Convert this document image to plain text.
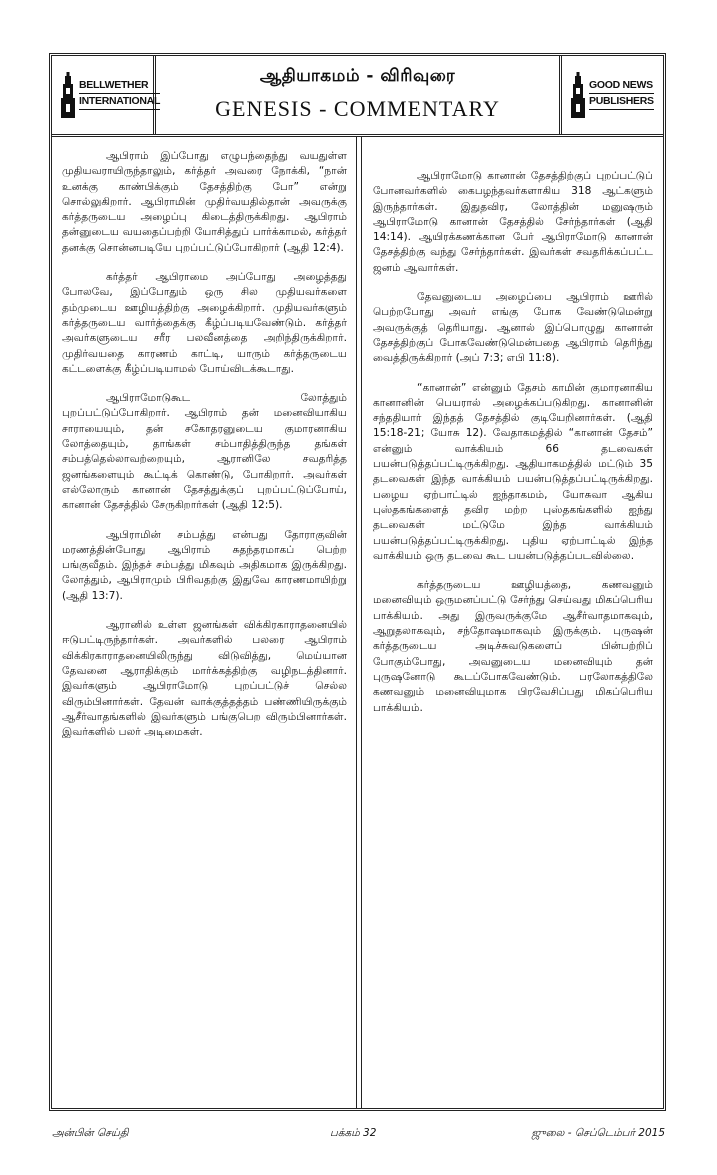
BELLWETHER
INTERNATIONAL
ஆதியாகமம் - விரிவுரை
GENESIS - COMMENTARY
GOOD NEWS
PUBLISHERS

ஆபிராம் இப்போது எழுபந்தைந்து வயதுள்ள முதியவராயிருந்தாலும், கர்த்தர் அவரை நோக்கி, “நான் உனக்கு காண்பிக்கும் தேசத்திற்கு போ” என்று சொல்லுகிறார். ஆபிராமின் முதிர்வயதில்தான் அவருக்கு கர்த்தருடைய அழைப்பு கிடைத்திருக்கிறது. ஆபிராம் தன்னுடைய வயதைப்பற்றி யோசித்துப் பார்க்காமல், கர்த்தர் தனக்கு சொன்னபடியே புறப்பட்டுப்போகிறார் (ஆதி 12:4).

கர்த்தர் ஆபிராமை அப்போது அழைத்தது போலவே, இப்போதும் ஒரு சில முதியவர்களை தம்முடைய ஊழியத்திற்கு அழைக்கிறார். முதியவர்களும் கர்த்தருடைய வார்த்தைக்கு கீழ்ப்படியவேண்டும். கர்த்தர் அவர்களுடைய சரீர பலவீனத்தை அறிந்திருக்கிறார். முதிர்வயதை காரணம் காட்டி, யாரும் கர்த்தருடைய கட்டளைக்கு கீழ்ப்படியாமல் போய்விடக்கூடாது.

ஆபிராமோடுகூட லோத்தும் புறப்பட்டுப்போகிறார். ஆபிராம் தன் மனைவியாகிய சாராயையும், தன் சகோதரனுடைய குமாரனாகிய லோத்தையும், தாங்கள் சம்பாதித்திருந்த தங்கள் சம்பத்தெல்லாவற்றையும், ஆரானிலே சவதரித்த ஜனங்களையும் கூட்டிக் கொண்டு, போகிறார். அவர்கள் எல்லோரும் கானான் தேசத்துக்குப் புறப்பட்டுப்போய், கானான் தேசத்தில் சேருகிறார்கள் (ஆதி 12:5).

ஆபிராமின் சம்பத்து என்பது தோராகுவின் மரணத்தின்போது ஆபிராம் சுதந்தரமாகப் பெற்ற பங்குவீதம். இந்தச் சம்பத்து மிகவும் அதிகமாக இருக்கிறது. லோத்தும், ஆபிராமும் பிரிவதற்கு இதுவே காரணமாயிற்று (ஆதி 13:7).

ஆரானில் உள்ள ஜனங்கள் விக்கிரகாராதனையில் ஈடுபட்டிருந்தார்கள். அவர்களில் பலரை ஆபிராம் விக்கிரகாராதனையிலிருந்து விடுவித்து, மெய்யான தேவனை ஆராதிக்கும் மார்க்கத்திற்கு வழிநடத்தினார். இவர்களும் ஆபிராமோடு புறப்பட்டுச் செல்ல விரும்பினார்கள். தேவன் வாக்குத்தத்தம் பண்ணியிருக்கும் ஆசீர்வாதங்களில் இவர்களும் பங்குபெற விரும்பினார்கள். இவர்களில் பலர் அடிமைகள்.

ஆபிராமோடு கானான் தேசத்திற்குப் புறப்பட்டுப் போனவர்களில் கைபழந்தவர்களாகிய 318 ஆட்களும் இருந்தார்கள். இதுதவிர, லோத்தின் மனுஷரும் ஆபிராமோடு கானான் தேசத்தில் சேர்ந்தார்கள் (ஆதி 14:14). ஆயிரக்கணக்கான பேர் ஆபிராமோடு கானான் தேசத்திற்கு வந்து சேர்ந்தார்கள். இவர்கள் சவதரிக்கப்பட்ட ஜனம் ஆவார்கள்.

தேவனுடைய அழைப்பை ஆபிராம் ஊரில் பெற்றபோது அவர் எங்கு போக வேண்டுமென்று அவருக்குத் தெரியாது. ஆனால் இப்பொழுது கானான் தேசத்திற்குப் போகவேண்டுமென்பதை ஆபிராம் தெரிந்து வைத்திருக்கிறார் (அப் 7:3; எபி 11:8).

“கானான்” என்னும் தேசம் காமின் குமாரனாகிய கானானின் பெயரால் அழைக்கப்படுகிறது. கானானின் சந்ததியார் இந்தத் தேசத்தில் குடியேறினார்கள். (ஆதி 15:18-21; யோசு 12). வேதாகமத்தில் “கானான் தேசம்” என்னும் வாக்கியம் 66 தடவைகள் பயன்படுத்தப்பட்டிருக்கிறது. ஆதியாகமத்தில் மட்டும் 35 தடவைகள் இந்த வாக்கியம் பயன்படுத்தப்பட்டிருக்கிறது. பழைய ஏற்பாட்டில் ஐந்தாகமம், யோசுவா ஆகிய புஸ்தகங்களைத் தவிர மற்ற புஸ்தகங்களில் ஐந்து தடவைகள் மட்டுமே இந்த வாக்கியம் பயன்படுத்தப்பட்டிருக்கிறது. புதிய ஏற்பாட்டில் இந்த வாக்கியம் ஒரு தடவை கூட பயன்படுத்தப்படவில்லை.

கர்த்தருடைய ஊழியத்தை, கணவனும் மனைவியும் ஒருமனப்பட்டு சேர்ந்து செய்வது மிகப்பெரிய பாக்கியம். அது இருவருக்குமே ஆசீர்வாதமாகவும், ஆறுதலாகவும், சந்தோஷமாகவும் இருக்கும். புருஷன் கர்த்தருடைய அடிச்சுவடுகளைப் பின்பற்றிப் போகும்போது, அவனுடைய மனைவியும் தன் புருஷனோடு கூடப்போகவேண்டும். பரலோகத்திலே கணவனும் மனைவியுமாக பிரவேசிப்பது மிகப்பெரிய பாக்கியம்.

அன்பின் செய்தி	பக்கம் 32	ஜுலை - செப்டெம்பர் 2015
